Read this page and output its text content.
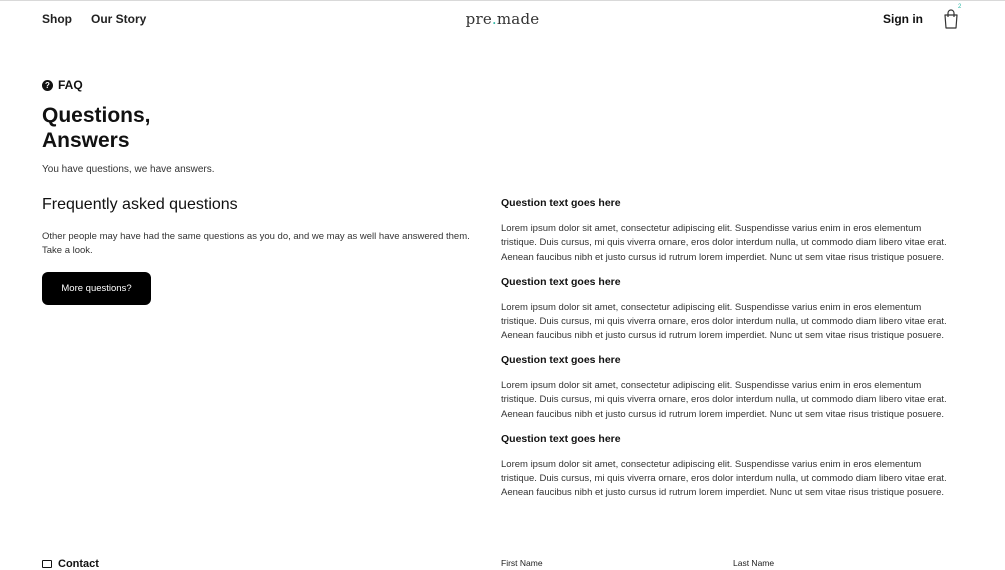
Shop Our Story	pre.made	Sign in
2
? FAQ
Questions, Answers
You have questions, we have answers.
Frequently asked questions
Other people may have had the same questions as you do, and we may as well have answered them. Take a look.
More questions?

Question text goes here

Lorem ipsum dolor sit amet, consectetur adipiscing elit. Suspendisse varius enim in eros elementum tristique. Duis cursus, mi quis viverra ornare, eros dolor interdum nulla, ut commodo diam libero vitae erat. Aenean faucibus nibh et justo cursus id rutrum lorem imperdiet. Nunc ut sem vitae risus tristique posuere.

Question text goes here

Lorem ipsum dolor sit amet, consectetur adipiscing elit. Suspendisse varius enim in eros elementum tristique. Duis cursus, mi quis viverra ornare, eros dolor interdum nulla, ut commodo diam libero vitae erat. Aenean faucibus nibh et justo cursus id rutrum lorem imperdiet. Nunc ut sem vitae risus tristique posuere.

Question text goes here

Lorem ipsum dolor sit amet, consectetur adipiscing elit. Suspendisse varius enim in eros elementum tristique. Duis cursus, mi quis viverra ornare, eros dolor interdum nulla, ut commodo diam libero vitae erat. Aenean faucibus nibh et justo cursus id rutrum lorem imperdiet. Nunc ut sem vitae risus tristique posuere.

Question text goes here

Lorem ipsum dolor sit amet, consectetur adipiscing elit. Suspendisse varius enim in eros elementum tristique. Duis cursus, mi quis viverra ornare, eros dolor interdum nulla, ut commodo diam libero vitae erat. Aenean faucibus nibh et justo cursus id rutrum lorem imperdiet. Nunc ut sem vitae risus tristique posuere.

Contact	First Name	Last Name
